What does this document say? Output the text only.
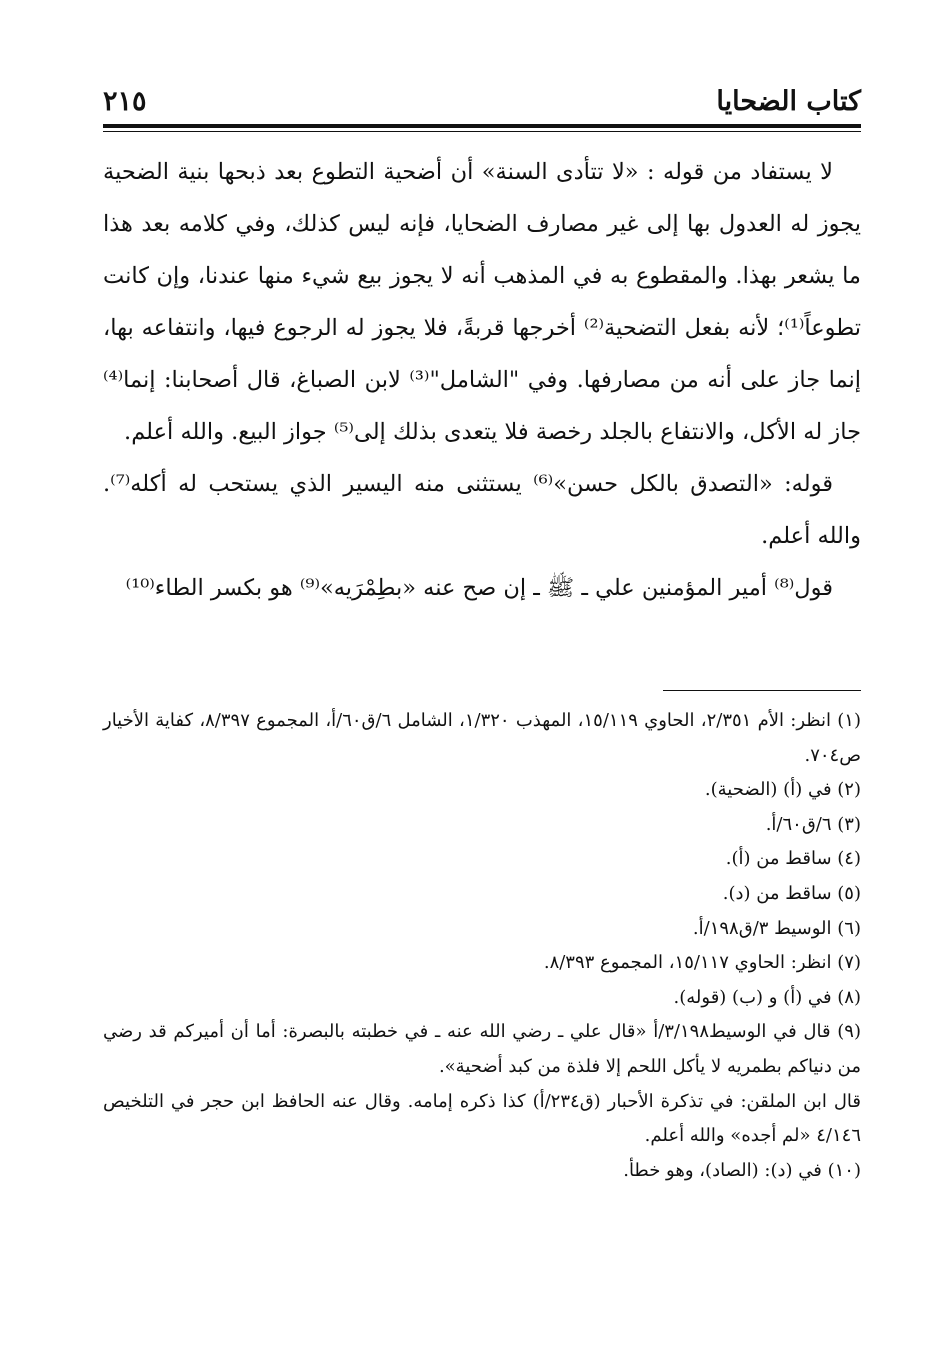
كتاب الضحايا
٢١٥

لا يستفاد من قوله : «لا تتأدى السنة» أن أضحية التطوع بعد ذبحها بنية الضحية يجوز له العدول بها إلى غير مصارف الضحايا، فإنه ليس كذلك، وفي كلامه بعد هذا ما يشعر بهذا. والمقطوع به في المذهب أنه لا يجوز بيع شيء منها عندنا، وإن كانت تطوعاً⁽¹⁾؛ لأنه بفعل التضحية⁽²⁾ أخرجها قربةً، فلا يجوز له الرجوع فيها، وانتفاعه بها، إنما جاز على أنه من مصارفها. وفي "الشامل"⁽³⁾ لابن الصباغ، قال أصحابنا: إنما⁽⁴⁾ جاز له الأكل، والانتفاع بالجلد رخصة فلا يتعدى بذلك إلى⁽⁵⁾ جواز البيع. والله أعلم.

قوله: «التصدق بالكل حسن»⁽⁶⁾ يستثنى منه اليسير الذي يستحب له أكله⁽⁷⁾. والله أعلم.

قول⁽⁸⁾ أمير المؤمنين علي ـ ﷺ ـ إن صح عنه «بطِمْرَيه»⁽⁹⁾ هو بكسر الطاء⁽¹⁰⁾

(١) انظر: الأم ٢/٣٥١، الحاوي ١٥/١١٩، المهذب ١/٣٢٠، الشامل ٦/ق٦٠/أ، المجموع ٨/٣٩٧، كفاية الأخيار ص٧٠٤.

(٢) في (أ) (الضحية).

(٣) ٦/ق٦٠/أ.

(٤) ساقط من (أ).

(٥) ساقط من (د).

(٦) الوسيط ٣/ق١٩٨/أ.

(٧) انظر: الحاوي ١٥/١١٧، المجموع ٨/٣٩٣.

(٨) في (أ) و (ب) (قوله).

(٩) قال في الوسيط٣/١٩٨/أ «قال علي ـ رضي الله عنه ـ في خطبته بالبصرة: أما أن أميركم قد رضي من دنياكم بطمريه لا يأكل اللحم إلا فلذة من كبد أضحية».

قال ابن الملقن: في تذكرة الأحبار (ق٢٣٤/أ) كذا ذكره إمامه. وقال عنه الحافظ ابن حجر في التلخيص ٤/١٤٦ «لم أجده» والله أعلم.

(١٠) في (د): (الصاد)، وهو خطأ.
